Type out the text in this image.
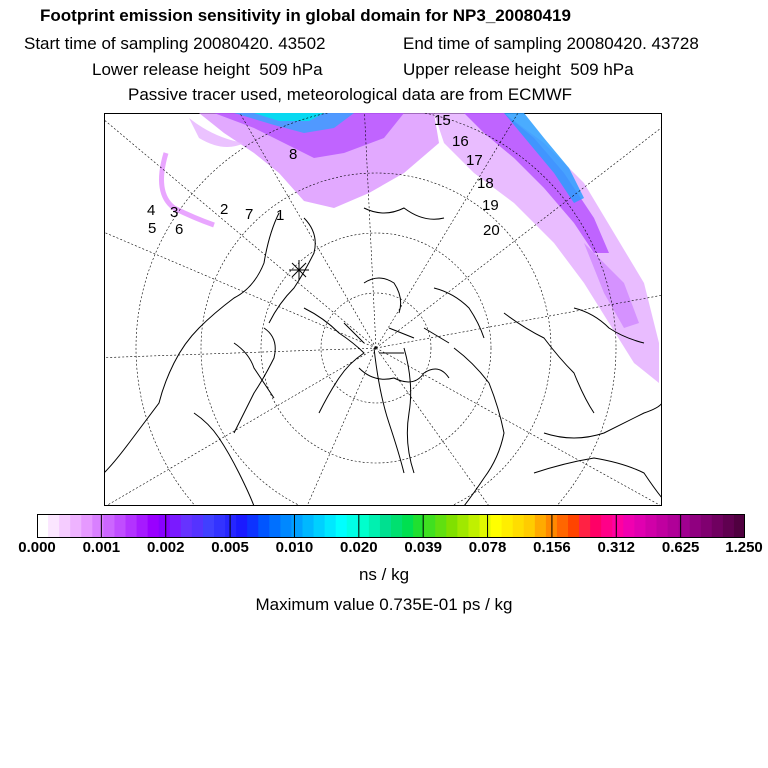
Footprint emission sensitivity in global domain for NP3_20080419
Start time of sampling 20080420. 43502	End time of sampling 20080420. 43728
Lower release height  509 hPa	Upper release height  509 hPa
Passive tracer used, meteorological data are from ECMWF
1
2
3
4
5 6
7
8
15
16
17
18
19
20
0.000 0.001 0.002 0.005 0.010 0.020 0.039 0.078 0.156 0.312 0.625 1.250
ns / kg
Maximum value 0.735E-01 ps / kg
